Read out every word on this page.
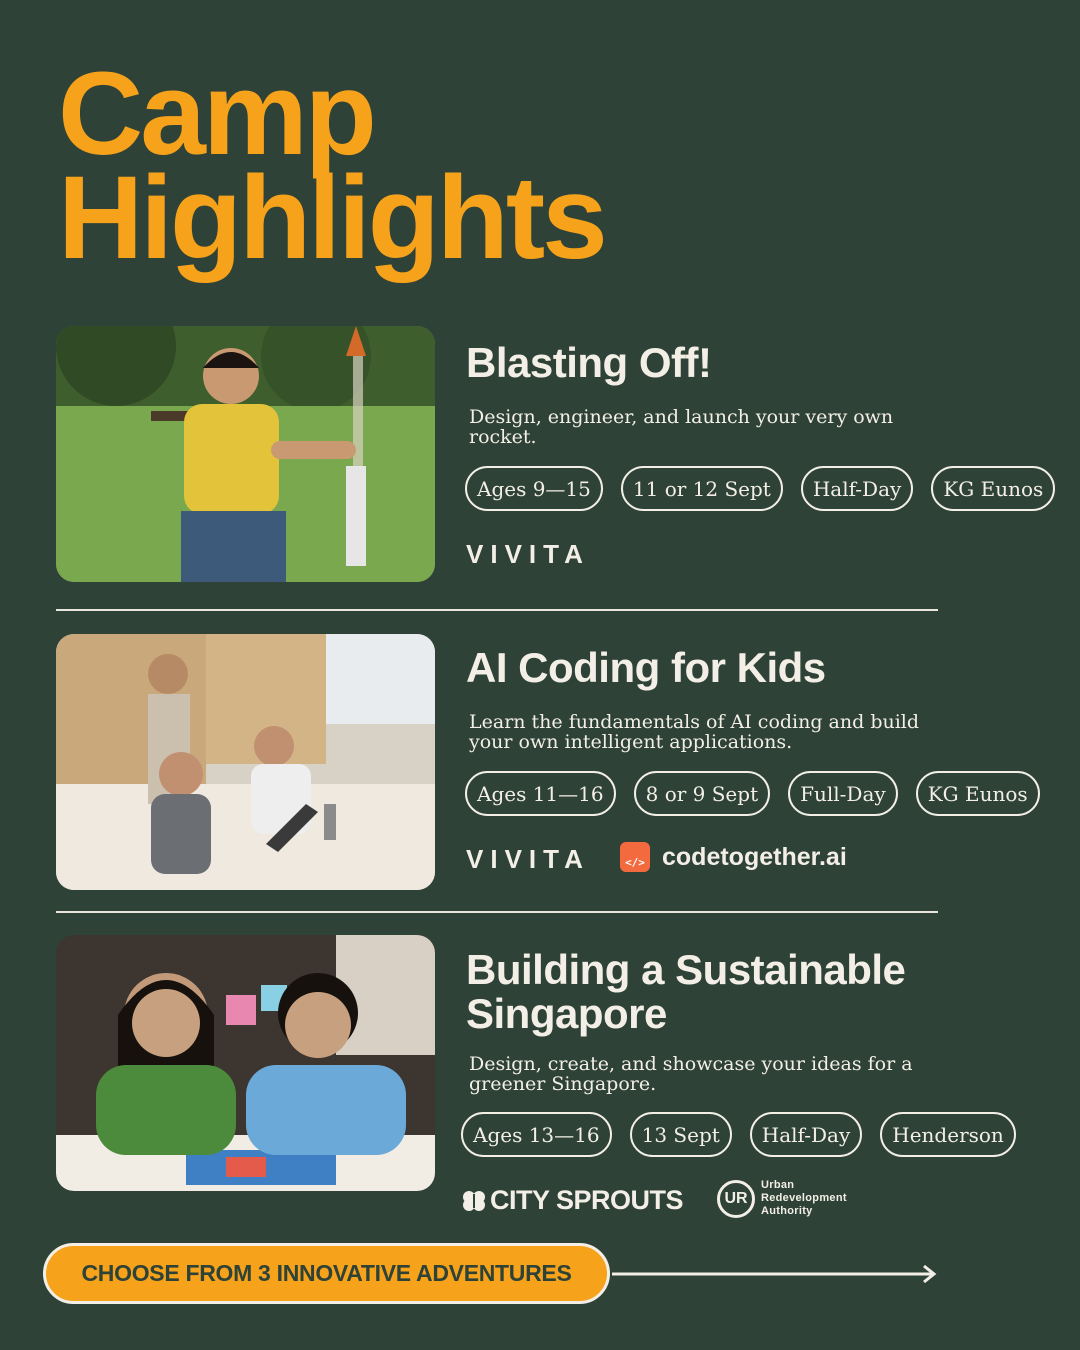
Camp
Highlights
Blasting Off!
Design, engineer, and launch your very own rocket.
Ages 9—15	11 or 12 Sept	Half-Day	KG Eunos
VIVITA
AI Coding for Kids
Learn the fundamentals of AI coding and build your own intelligent applications.
Ages 11—16	8 or 9 Sept	Full-Day	KG Eunos
VIVITA	</> codetogether.ai
Building a Sustainable Singapore
Design, create, and showcase your ideas for a greener Singapore.
Ages 13—16	13 Sept	Half-Day	Henderson
CITY SPROUTS	UR
Urban
Redevelopment
Authority
CHOOSE FROM 3 INNOVATIVE ADVENTURES
